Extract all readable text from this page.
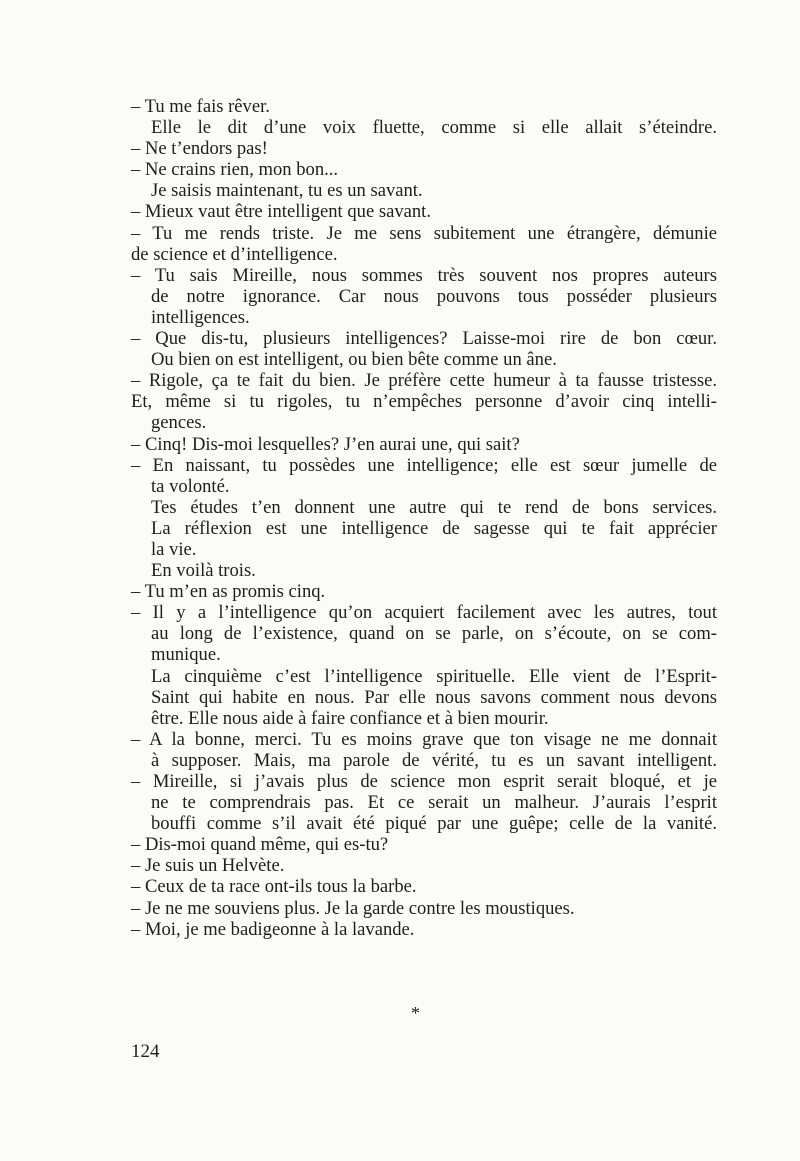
– Tu me fais rêver.
Elle le dit d’une voix fluette, comme si elle allait s’éteindre.
– Ne t’endors pas!
– Ne crains rien, mon bon...
Je saisis maintenant, tu es un savant.
– Mieux vaut être intelligent que savant.
– Tu me rends triste. Je me sens subitement une étrangère, démunie
de science et d’intelligence.
– Tu sais Mireille, nous sommes très souvent nos propres auteurs
de notre ignorance. Car nous pouvons tous posséder plusieurs
intelligences.
– Que dis-tu, plusieurs intelligences? Laisse-moi rire de bon cœur.
Ou bien on est intelligent, ou bien bête comme un âne.
– Rigole, ça te fait du bien. Je préfère cette humeur à ta fausse tristesse.
Et, même si tu rigoles, tu n’empêches personne d’avoir cinq intelli-
gences.
– Cinq! Dis-moi lesquelles? J’en aurai une, qui sait?
– En naissant, tu possèdes une intelligence; elle est sœur jumelle de
ta volonté.
Tes études t’en donnent une autre qui te rend de bons services.
La réflexion est une intelligence de sagesse qui te fait apprécier
la vie.
En voilà trois.
– Tu m’en as promis cinq.
– Il y a l’intelligence qu’on acquiert facilement avec les autres, tout
au long de l’existence, quand on se parle, on s’écoute, on se com-
munique.
La cinquième c’est l’intelligence spirituelle. Elle vient de l’Esprit-
Saint qui habite en nous. Par elle nous savons comment nous devons
être. Elle nous aide à faire confiance et à bien mourir.
– A la bonne, merci. Tu es moins grave que ton visage ne me donnait
à supposer. Mais, ma parole de vérité, tu es un savant intelligent.
– Mireille, si j’avais plus de science mon esprit serait bloqué, et je
ne te comprendrais pas. Et ce serait un malheur. J’aurais l’esprit
bouffi comme s’il avait été piqué par une guêpe; celle de la vanité.
– Dis-moi quand même, qui es-tu?
– Je suis un Helvète.
– Ceux de ta race ont-ils tous la barbe.
– Je ne me souviens plus. Je la garde contre les moustiques.
– Moi, je me badigeonne à la lavande.
*
124
